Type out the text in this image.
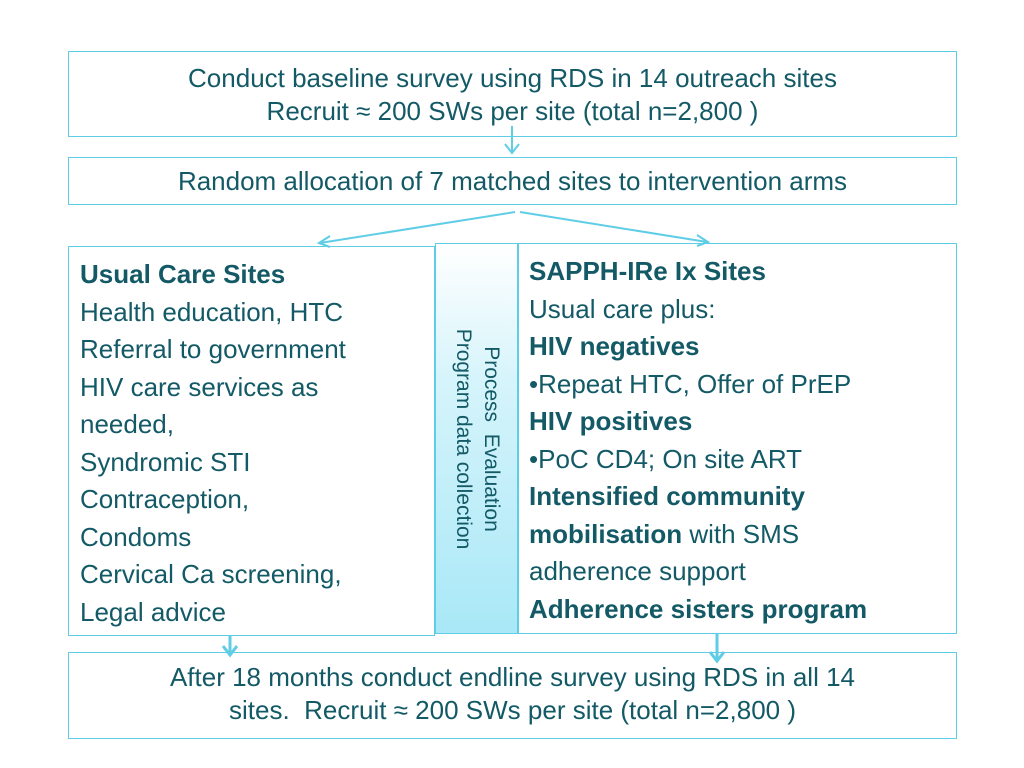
Conduct baseline survey using RDS in 14 outreach sites
Recruit ≈ 200 SWs per site (total n=2,800 )
Random allocation of 7 matched sites to intervention arms
Usual Care Sites
Health education, HTC
Referral to government
HIV care services as
needed,
Syndromic STI
Contraception,
Condoms
Cervical Ca screening,
Legal advice
Process  Evaluation
Program data collection
SAPPH-IRe Ix Sites
Usual care plus:
HIV negatives
•Repeat HTC, Offer of PrEP
HIV positives
•PoC CD4; On site ART
Intensified community
mobilisation with SMS
adherence support
Adherence sisters program
After 18 months conduct endline survey using RDS in all 14
sites.  Recruit ≈ 200 SWs per site (total n=2,800 )
